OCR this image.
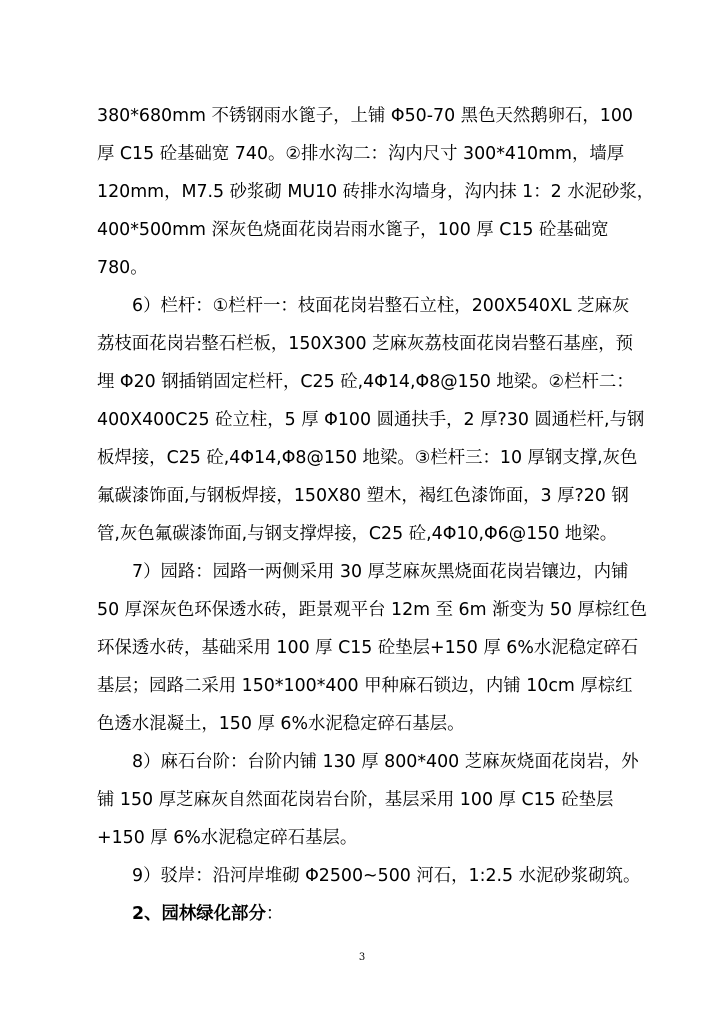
380*680mm 不锈钢雨水篦子，上铺 Φ50-70 黑色天然鹅卵石，100
厚 C15 砼基础宽 740。②排水沟二：沟内尺寸 300*410mm，墙厚
120mm，M7.5 砂浆砌 MU10 砖排水沟墙身，沟内抹 1：2 水泥砂浆，
400*500mm 深灰色烧面花岗岩雨水篦子，100 厚 C15 砼基础宽
780。
6）栏杆：①栏杆一：枝面花岗岩整石立柱，200X540XL 芝麻灰
荔枝面花岗岩整石栏板，150X300 芝麻灰荔枝面花岗岩整石基座，预
埋 Φ20 钢插销固定栏杆，C25 砼,4Φ14,Φ8@150 地梁。②栏杆二：
400X400C25 砼立柱，5 厚 Φ100 圆通扶手，2 厚?30 圆通栏杆,与钢
板焊接，C25 砼,4Φ14,Φ8@150 地梁。③栏杆三：10 厚钢支撑,灰色
氟碳漆饰面,与钢板焊接，150X80 塑木，褐红色漆饰面，3 厚?20 钢
管,灰色氟碳漆饰面,与钢支撑焊接，C25 砼,4Φ10,Φ6@150 地梁。
7）园路：园路一两侧采用 30 厚芝麻灰黑烧面花岗岩镶边，内铺
50 厚深灰色环保透水砖，距景观平台 12m 至 6m 渐变为 50 厚棕红色
环保透水砖，基础采用 100 厚 C15 砼垫层+150 厚 6%水泥稳定碎石
基层；园路二采用 150*100*400 甲种麻石锁边，内铺 10cm 厚棕红
色透水混凝土，150 厚 6%水泥稳定碎石基层。
8）麻石台阶：台阶内铺 130 厚 800*400 芝麻灰烧面花岗岩，外
铺 150 厚芝麻灰自然面花岗岩台阶，基层采用 100 厚 C15 砼垫层
+150 厚 6%水泥稳定碎石基层。
9）驳岸：沿河岸堆砌 Φ2500~500 河石，1:2.5 水泥砂浆砌筑。
2、园林绿化部分：
3
